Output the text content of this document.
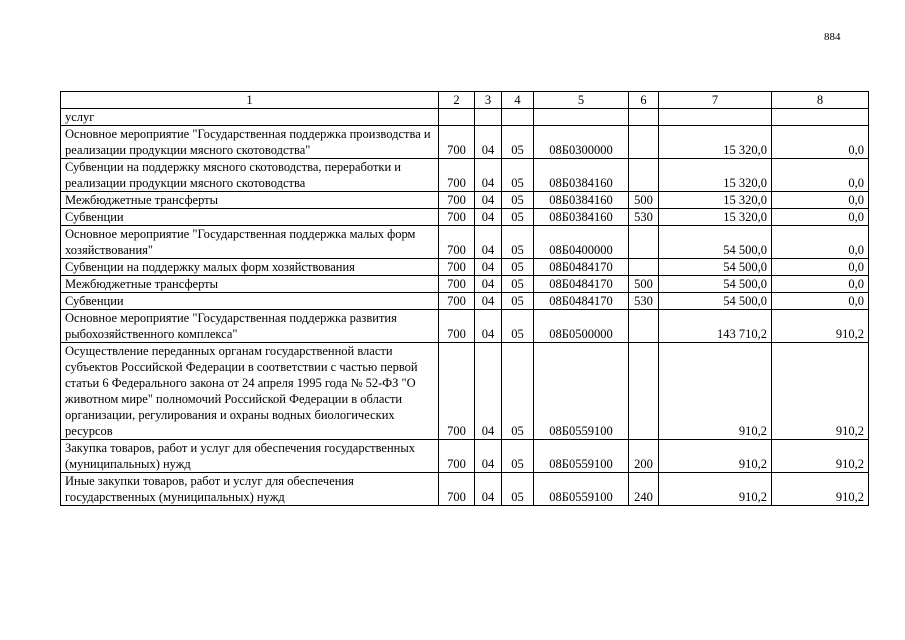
884
1	2	3	4	5	6	7	8
услуг							
Основное мероприятие "Государственная поддержка производства и реализации продукции мясного скотоводства"	700	04	05	08Б0300000		15 320,0	0,0
Субвенции на поддержку мясного скотоводства, переработки и реализации продукции мясного скотоводства	700	04	05	08Б0384160		15 320,0	0,0
Межбюджетные трансферты	700	04	05	08Б0384160	500	15 320,0	0,0
Субвенции	700	04	05	08Б0384160	530	15 320,0	0,0
Основное мероприятие "Государственная поддержка малых форм хозяйствования"	700	04	05	08Б0400000		54 500,0	0,0
Субвенции на поддержку малых форм хозяйствования	700	04	05	08Б0484170		54 500,0	0,0
Межбюджетные трансферты	700	04	05	08Б0484170	500	54 500,0	0,0
Субвенции	700	04	05	08Б0484170	530	54 500,0	0,0
Основное мероприятие "Государственная поддержка развития рыбохозяйственного комплекса"	700	04	05	08Б0500000		143 710,2	910,2
Осуществление переданных органам государственной власти субъектов Российской Федерации в соответствии с частью первой статьи 6 Федерального закона от 24 апреля 1995 года № 52-ФЗ "О животном мире" полномочий Российской Федерации в области организации, регулирования и охраны водных биологических ресурсов	700	04	05	08Б0559100		910,2	910,2
Закупка товаров, работ и услуг для обеспечения государственных (муниципальных) нужд	700	04	05	08Б0559100	200	910,2	910,2
Иные закупки товаров, работ и услуг для обеспечения государственных (муниципальных) нужд	700	04	05	08Б0559100	240	910,2	910,2
